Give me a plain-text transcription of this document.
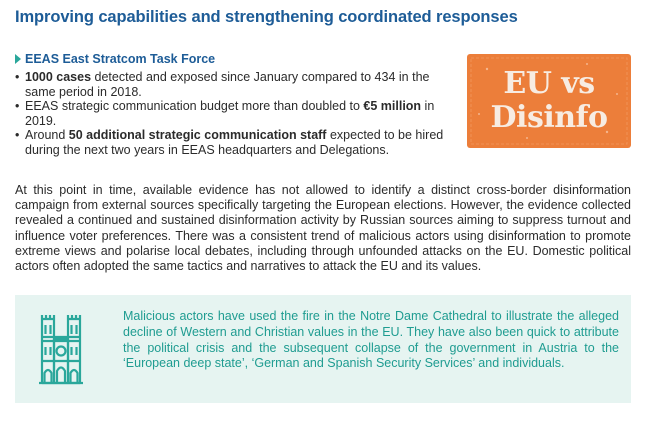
Improving capabilities and strengthening coordinated responses
EEAS East Stratcom Task Force
• 1000 cases detected and exposed since January compared to 434 in the same period in 2018.
• EEAS strategic communication budget more than doubled to €5 million in 2019.
• Around 50 additional strategic communication staff expected to be hired during the next two years in EEAS headquarters and Delegations.
EU vs
Disinfo

At this point in time, available evidence has not allowed to identify a distinct cross-border disinformation campaign from external sources specifically targeting the European elections. However, the evidence collected revealed a continued and sustained disinformation activity by Russian sources aiming to suppress turnout and influence voter preferences. There was a consistent trend of malicious actors using disinformation to promote extreme views and polarise local debates, including through unfounded attacks on the EU. Domestic political actors often adopted the same tactics and narratives to attack the EU and its values.

Malicious actors have used the fire in the Notre Dame Cathedral to illustrate the alleged decline of Western and Christian values in the EU. They have also been quick to attribute the political crisis and the subsequent collapse of the government in Austria to the ‘European deep state’, ‘German and Spanish Security Services’ and individuals.
